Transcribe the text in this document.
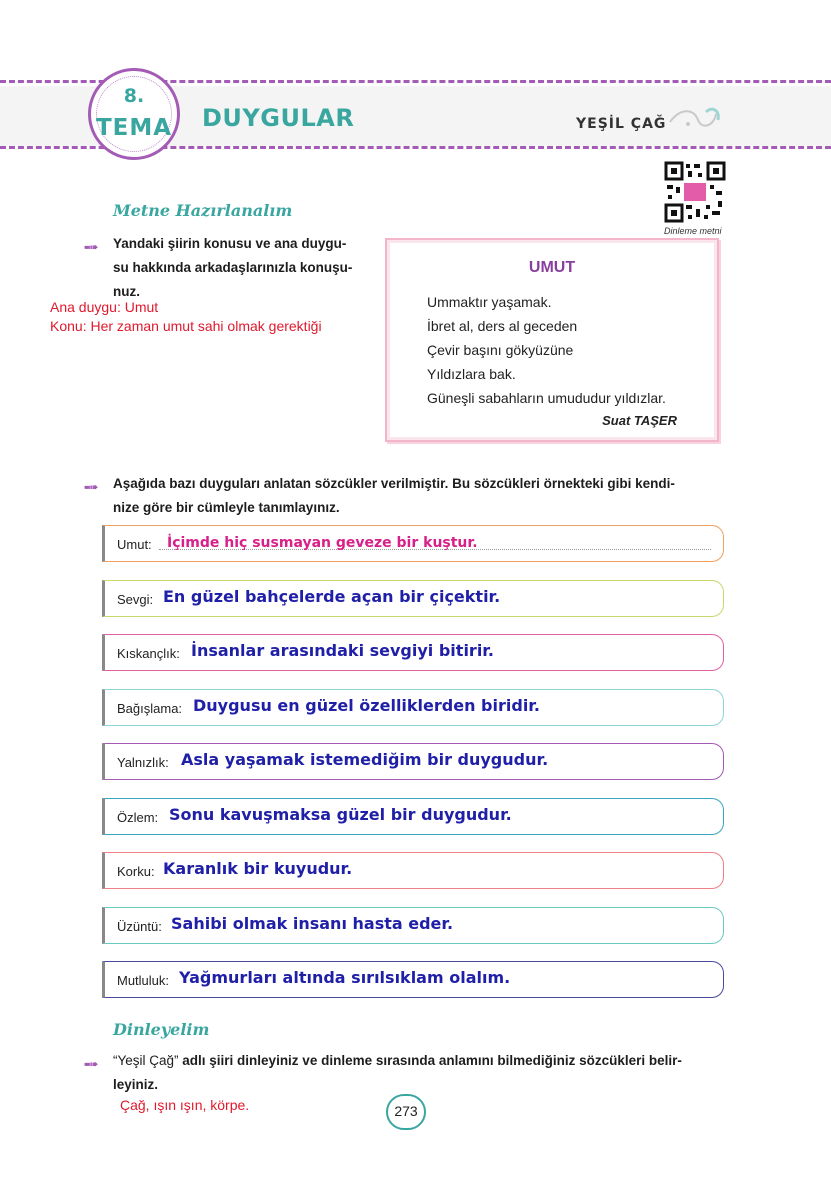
8.
TEMA DUYGULAR	YEŞİL ÇAĞ
Dinleme metni
Metne Hazırlanalım
▪▪➠ Yandaki şiirin konusu ve ana duygu-
su hakkında arkadaşlarınızla konuşu-
nuz.
Ana duygu: Umut
Konu: Her zaman umut sahi olmak gerektiği
UMUT
Ummaktır yaşamak.
İbret al, ders al geceden
Çevir başını gökyüzüne
Yıldızlara bak.
Güneşli sabahların umududur yıldızlar.
Suat TAŞER
▪▪➠ Aşağıda bazı duyguları anlatan sözcükler verilmiştir. Bu sözcükleri örnekteki gibi kendi-
nize göre bir cümleyle tanımlayınız.
Umut: İçimde hiç susmayan geveze bir kuştur.
Sevgi: En güzel bahçelerde açan bir çiçektir.
Kıskançlık: İnsanlar arasındaki sevgiyi bitirir.
Bağışlama: Duygusu en güzel özelliklerden biridir.
Yalnızlık: Asla yaşamak istemediğim bir duygudur.
Özlem: Sonu kavuşmaksa güzel bir duygudur.
Korku: Karanlık bir kuyudur.
Üzüntü: Sahibi olmak insanı hasta eder.
Mutluluk: Yağmurları altında sırılsıklam olalım.
Dinleyelim
▪▪➠ “Yeşil Çağ” adlı şiiri dinleyiniz ve dinleme sırasında anlamını bilmediğiniz sözcükleri belir-
leyiniz.
Çağ, ışın ışın, körpe.	273
